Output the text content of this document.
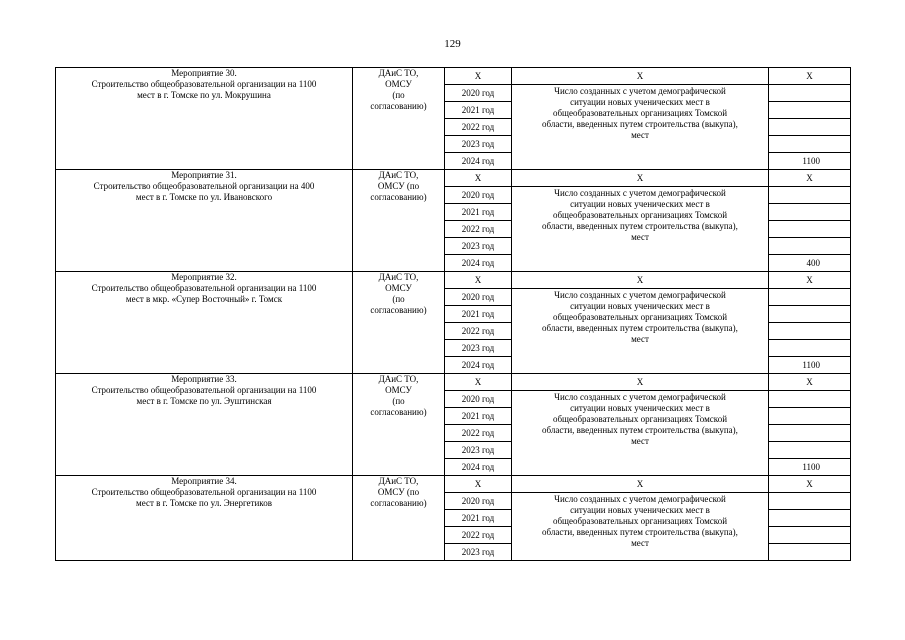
129
Мероприятие 30.
Строительство общеобразовательной организации на 1100
мест в г. Томске по ул. Мокрушина	ДАиС ТО,
ОМСУ
(по
согласованию)	X	X	X
		2020 год	Число созданных с учетом демографической
ситуации новых ученических мест в
общеобразовательных организациях Томской
области, введенных путем строительства (выкупа),
мест	

		2021 год		
		2022 год		
		2023 год		
		2024 год		1100

Мероприятие 31.
Строительство общеобразовательной организации на 400
мест в г. Томске по ул. Ивановского	ДАиС ТО,
ОМСУ (по
согласованию)	X	X	X
		2020 год	Число созданных с учетом демографической
ситуации новых ученических мест в
общеобразовательных организациях Томской
области, введенных путем строительства (выкупа),
мест	

		2021 год		
		2022 год		
		2023 год		
		2024 год		400

Мероприятие 32.
Строительство общеобразовательной организации на 1100
мест в мкр. «Супер Восточный» г. Томск	ДАиС ТО,
ОМСУ
(по
согласованию)	X	X	X
		2020 год	Число созданных с учетом демографической
ситуации новых ученических мест в
общеобразовательных организациях Томской
области, введенных путем строительства (выкупа),
мест	

		2021 год		
		2022 год		
		2023 год		
		2024 год		1100

Мероприятие 33.
Строительство общеобразовательной организации на 1100
мест в г. Томске по ул. Эуштинская	ДАиС ТО,
ОМСУ
(по
согласованию)	X	X	X
		2020 год	Число созданных с учетом демографической
ситуации новых ученических мест в
общеобразовательных организациях Томской
области, введенных путем строительства (выкупа),
мест	

		2021 год		
		2022 год		
		2023 год		
		2024 год		1100

Мероприятие 34.
Строительство общеобразовательной организации на 1100
мест в г. Томске по ул. Энергетиков	ДАиС ТО,
ОМСУ (по
согласованию)	X	X	X
		2020 год	Число созданных с учетом демографической
ситуации новых ученических мест в
общеобразовательных организациях Томской
области, введенных путем строительства (выкупа),
мест	

		2021 год		
		2022 год		
		2023 год		
